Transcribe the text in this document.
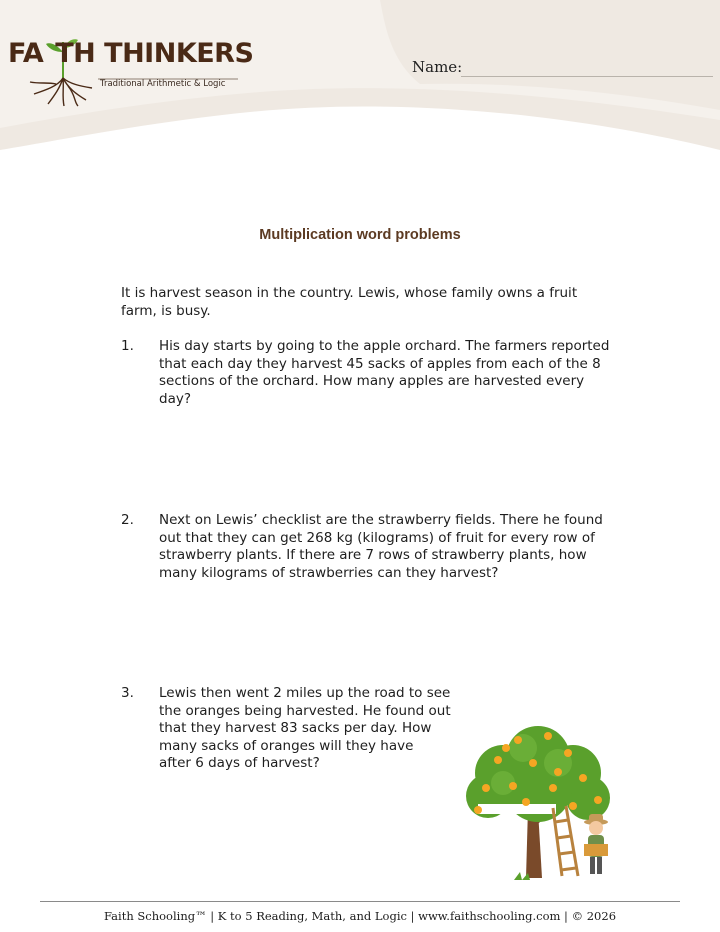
FA TH THINKERS
Traditional Arithmetic & Logic
Name:
Multiplication word problems
It is harvest season in the country. Lewis, whose family owns a fruit farm, is busy.
1. His day starts by going to the apple orchard. The farmers reported that each day they harvest 45 sacks of apples from each of the 8 sections of the orchard. How many apples are harvested every day?
2. Next on Lewis’ checklist are the strawberry fields. There he found out that they can get 268 kg (kilograms) of fruit for every row of strawberry plants. If there are 7 rows of strawberry plants, how many kilograms of strawberries can they harvest?
3. Lewis then went 2 miles up the road to see the oranges being harvested. He found out that they harvest 83 sacks per day. How many sacks of oranges will they have
after 6 days of harvest?
Faith Schooling™ | K to 5 Reading, Math, and Logic | www.faithschooling.com | © 2026
